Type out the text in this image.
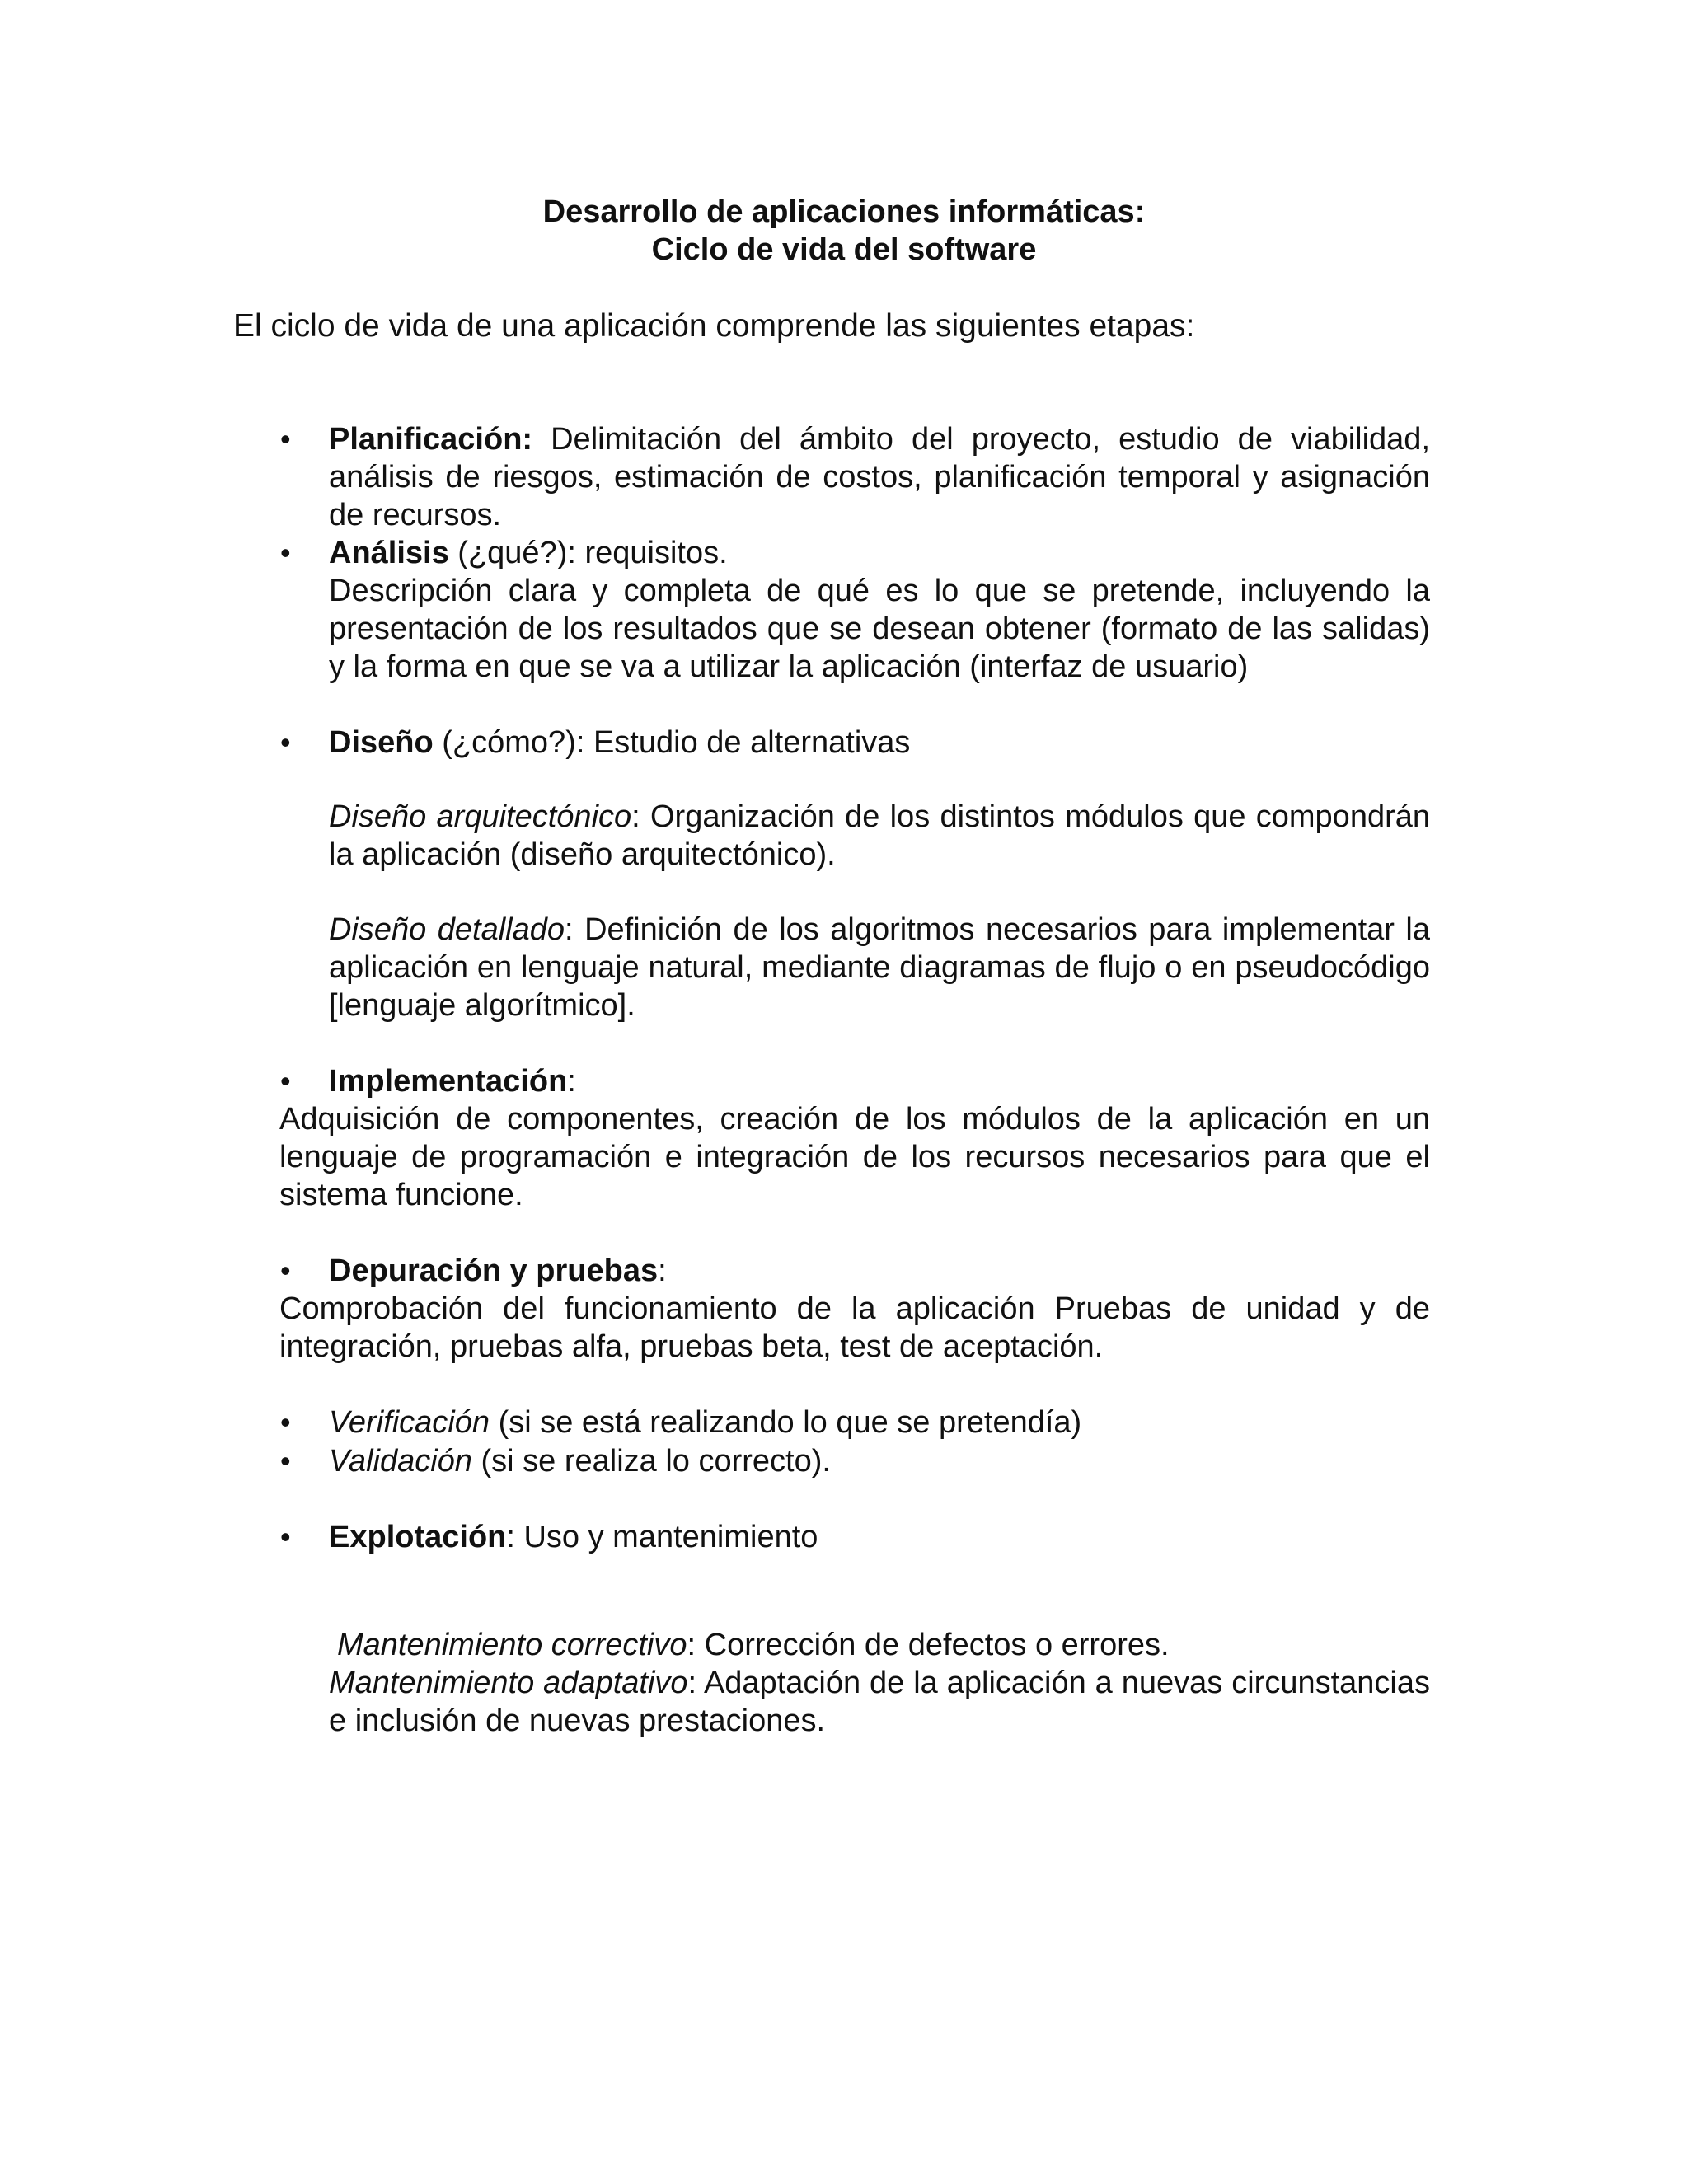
Desarrollo de aplicaciones informáticas:
Ciclo de vida del software
El ciclo de vida de una aplicación comprende las siguientes etapas:
• Planificación: Delimitación del ámbito del proyecto, estudio de viabilidad, análisis de riesgos, estimación de costos, planificación temporal y asignación de recursos.
• Análisis (¿qué?): requisitos.

Descripción clara y completa de qué es lo que se pretende, incluyendo la presentación de los resultados que se desean obtener (formato de las salidas) y la forma en que se va a utilizar la aplicación (interfaz de usuario)

• Diseño (¿cómo?): Estudio de alternativas
Diseño arquitectónico: Organización de los distintos módulos que compondrán la aplicación (diseño arquitectónico).
Diseño detallado: Definición de los algoritmos necesarios para implementar la aplicación en lenguaje natural, mediante diagramas de flujo o en pseudocódigo [lenguaje algorítmico].
• Implementación:
Adquisición de componentes, creación de los módulos de la aplicación en un lenguaje de programación e integración de los recursos necesarios para que el sistema funcione.
• Depuración y pruebas:
Comprobación del funcionamiento de la aplicación Pruebas de unidad y de integración, pruebas alfa, pruebas beta, test de aceptación.
• Verificación (si se está realizando lo que se pretendía)
• Validación (si se realiza lo correcto).
• Explotación: Uso y mantenimiento
Mantenimiento correctivo: Corrección de defectos o errores.
Mantenimiento adaptativo: Adaptación de la aplicación a nuevas circunstancias e inclusión de nuevas prestaciones.
